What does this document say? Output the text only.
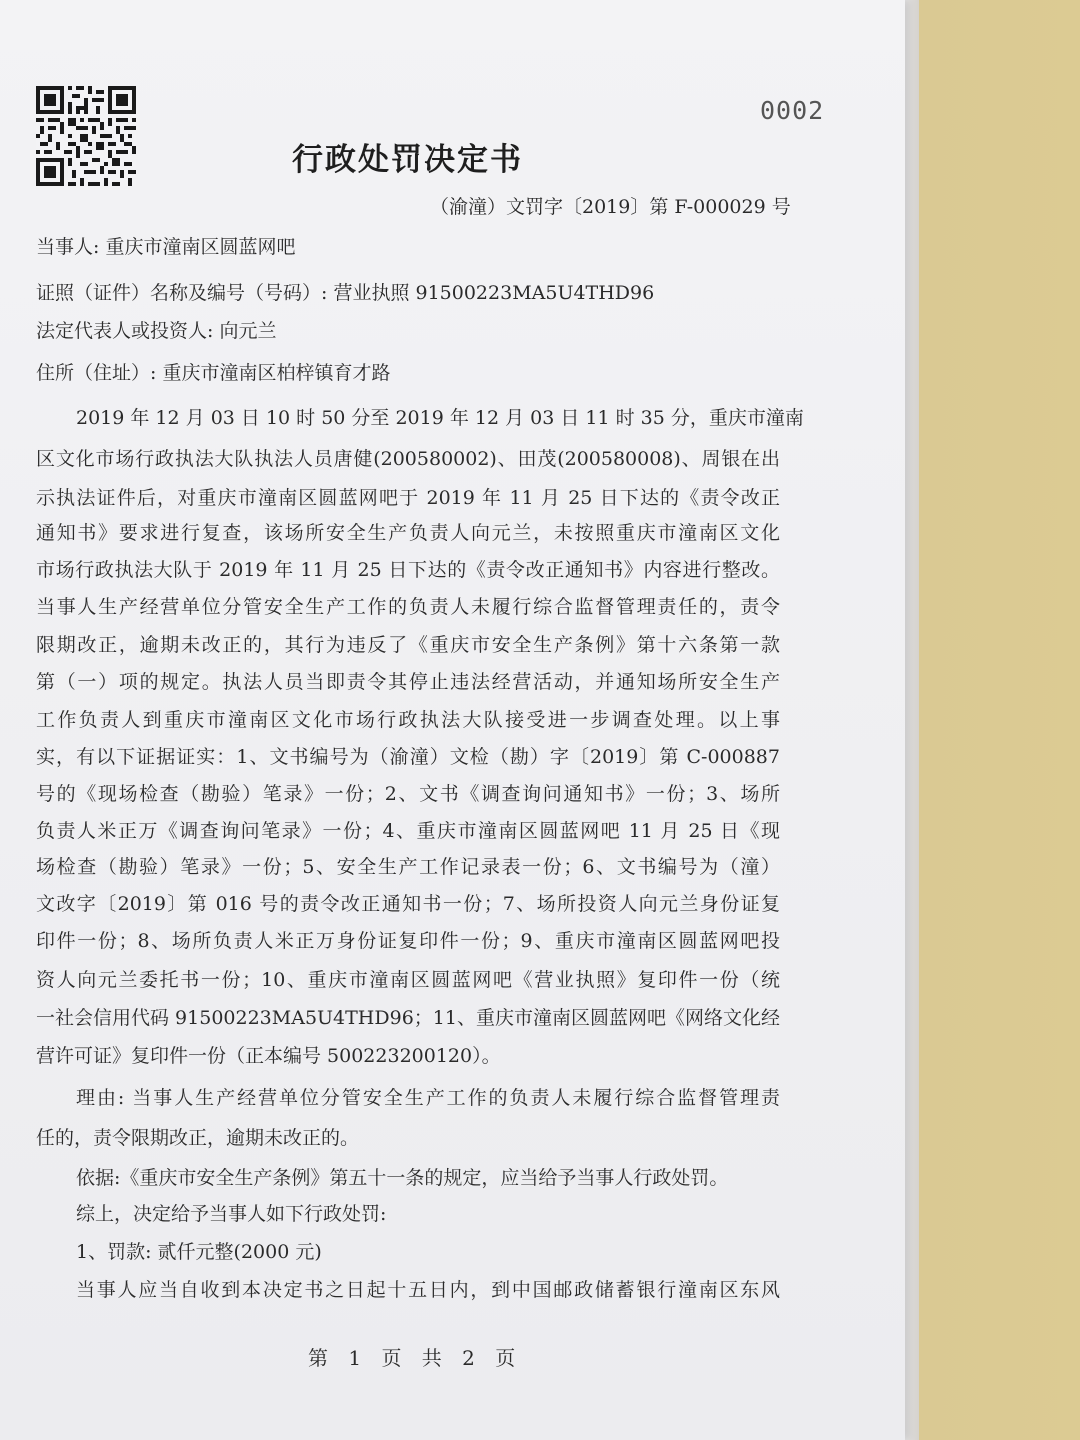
0002
行政处罚决定书
（渝潼）文罚字〔2019〕第 F-000029 号
当事人: 重庆市潼南区圆蓝网吧
证照（证件）名称及编号（号码）: 营业执照 91500223MA5U4THD96
法定代表人或投资人: 向元兰
住所（住址）: 重庆市潼南区柏梓镇育才路
2019 年 12 月 03 日 10 时 50 分至 2019 年 12 月 03 日 11 时 35 分，重庆市潼南
区文化市场行政执法大队执法人员唐健(200580002)、田茂(200580008)、周银在出
示执法证件后，对重庆市潼南区圆蓝网吧于 2019 年 11 月 25 日下达的《责令改正
通知书》要求进行复查，该场所安全生产负责人向元兰，未按照重庆市潼南区文化
市场行政执法大队于 2019 年 11 月 25 日下达的《责令改正通知书》内容进行整改。
当事人生产经营单位分管安全生产工作的负责人未履行综合监督管理责任的，责令
限期改正，逾期未改正的，其行为违反了《重庆市安全生产条例》第十六条第一款
第（一）项的规定。执法人员当即责令其停止违法经营活动，并通知场所安全生产
工作负责人到重庆市潼南区文化市场行政执法大队接受进一步调查处理。以上事
实，有以下证据证实：1、文书编号为（渝潼）文检（勘）字〔2019〕第 C-000887
号的《现场检查（勘验）笔录》一份；2、文书《调查询问通知书》一份；3、场所
负责人米正万《调查询问笔录》一份；4、重庆市潼南区圆蓝网吧 11 月 25 日《现
场检查（勘验）笔录》一份；5、安全生产工作记录表一份；6、文书编号为（潼）
文改字〔2019〕第 016 号的责令改正通知书一份；7、场所投资人向元兰身份证复
印件一份；8、场所负责人米正万身份证复印件一份；9、重庆市潼南区圆蓝网吧投
资人向元兰委托书一份；10、重庆市潼南区圆蓝网吧《营业执照》复印件一份（统
一社会信用代码 91500223MA5U4THD96；11、重庆市潼南区圆蓝网吧《网络文化经
营许可证》复印件一份（正本编号 500223200120）。
理由: 当事人生产经营单位分管安全生产工作的负责人未履行综合监督管理责
任的，责令限期改正，逾期未改正的。
依据:《重庆市安全生产条例》第五十一条的规定，应当给予当事人行政处罚。
综上，决定给予当事人如下行政处罚:
1、罚款: 贰仟元整(2000 元)
当事人应当自收到本决定书之日起十五日内，到中国邮政储蓄银行潼南区东风
第 1 页 共 2 页
